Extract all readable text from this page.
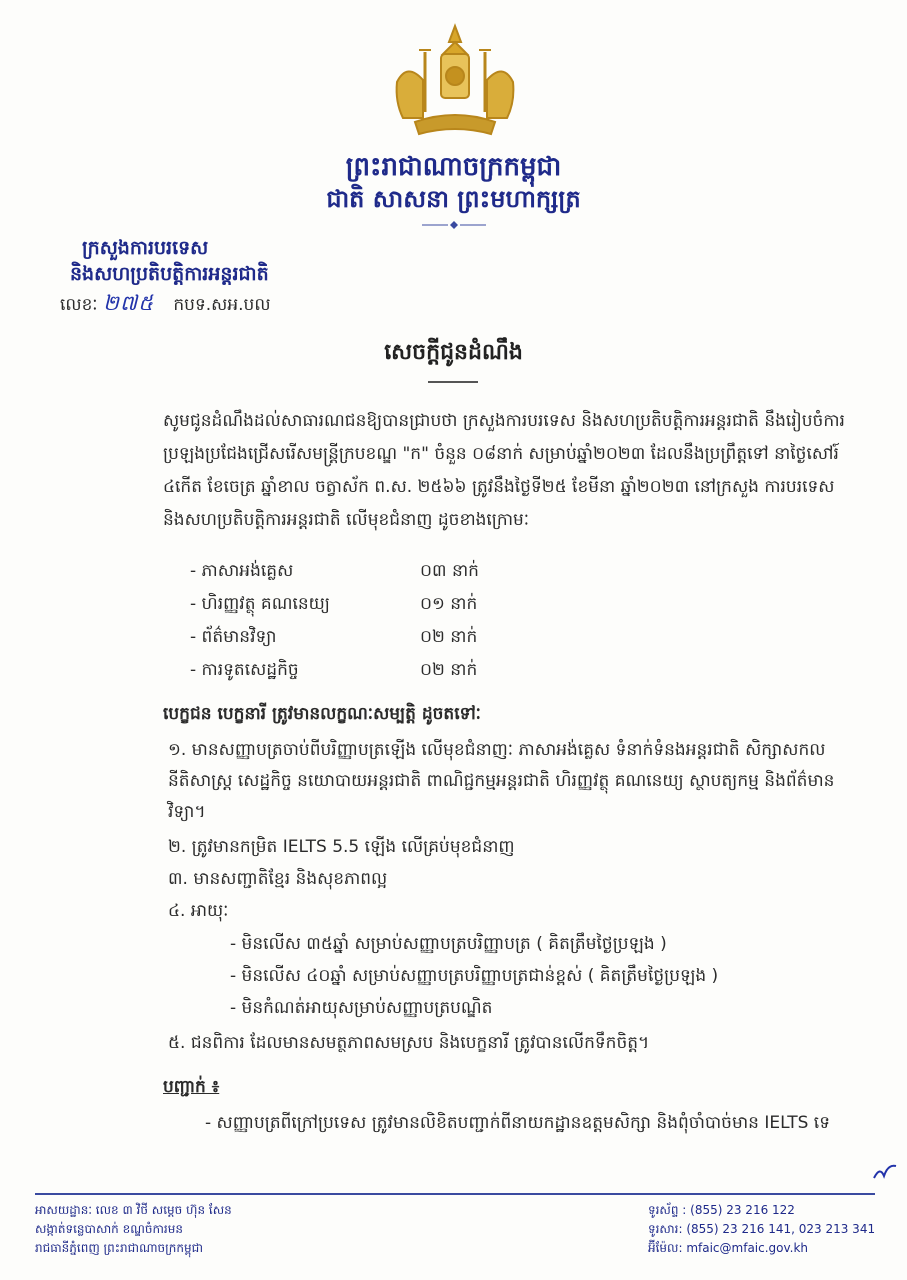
ព្រះរាជាណាចក្រកម្ពុជា
ជាតិ សាសនា ព្រះមហាក្សត្រ
ក្រសួងការបរទេស
និងសហប្រតិបត្តិការអន្តរជាតិ
លេខៈ ២៧៥ កបទ.សអ.បល
សេចក្តីជូនដំណឹង
សូមជូនដំណឹងដល់សាធារណជនឱ្យបានជ្រាបថា ក្រសួងការបរទេស និងសហប្រតិបត្តិការអន្តរជាតិ នឹងរៀបចំការប្រឡងប្រជែងជ្រើសរើសមន្ត្រីក្របខណ្ឌ "ក" ចំនួន ០៨នាក់ សម្រាប់ឆ្នាំ២០២៣ ដែលនឹងប្រព្រឹត្តទៅ នាថ្ងៃសៅរ៍ ៤កើត ខែចេត្រ ឆ្នាំខាល ចត្វាស័ក ព.ស. ២៥៦៦ ត្រូវនឹងថ្ងៃទី២៥ ខែមីនា ឆ្នាំ២០២៣ នៅក្រសួង ការបរទេស និងសហប្រតិបត្តិការអន្តរជាតិ លើមុខជំនាញ ដូចខាងក្រោមៈ
- ភាសាអង់គ្លេស	០៣ នាក់
- ហិរញ្ញវត្ថុ គណនេយ្យ	០១ នាក់
- ព័ត៌មានវិទ្យា	០២ នាក់
- ការទូតសេដ្ឋកិច្ច	០២ នាក់
បេក្ខជន បេក្ខនារី ត្រូវមានលក្ខណៈសម្បត្តិ ដូចតទៅៈ
១. មានសញ្ញាបត្រចាប់ពីបរិញ្ញាបត្រឡើង លើមុខជំនាញៈ ភាសាអង់គ្លេស ទំនាក់ទំនងអន្តរជាតិ សិក្សាសកល នីតិសាស្ត្រ សេដ្ឋកិច្ច នយោបាយអន្តរជាតិ ពាណិជ្ជកម្មអន្តរជាតិ ហិរញ្ញវត្ថុ គណនេយ្យ ស្ថាបត្យកម្ម និងព័ត៌មានវិទ្យា។
២. ត្រូវមានកម្រិត IELTS 5.5 ឡើង លើគ្រប់មុខជំនាញ
៣. មានសញ្ជាតិខ្មែរ និងសុខភាពល្អ
៤. អាយុៈ
- មិនលើស ៣៥ឆ្នាំ សម្រាប់សញ្ញាបត្របរិញ្ញាបត្រ ( គិតត្រឹមថ្ងៃប្រឡង )
- មិនលើស ៤០ឆ្នាំ សម្រាប់សញ្ញាបត្របរិញ្ញាបត្រជាន់ខ្ពស់ ( គិតត្រឹមថ្ងៃប្រឡង )
- មិនកំណត់អាយុសម្រាប់សញ្ញាបត្របណ្ឌិត
៥. ជនពិការ ដែលមានសមត្ថភាពសមស្រប និងបេក្ខនារី ត្រូវបានលើកទឹកចិត្ត។
បញ្ជាក់ ៖
- សញ្ញាបត្រពីក្រៅប្រទេស ត្រូវមានលិខិតបញ្ជាក់ពីនាយកដ្ឋានឧត្តមសិក្សា និងពុំចាំបាច់មាន IELTS ទេ
អាសយដ្ឋានៈ លេខ ៣ វិថី សម្តេច ហ៊ុន សែន
សង្កាត់ទន្លេបាសាក់ ខណ្ឌចំការមន
រាជធានីភ្នំពេញ ព្រះរាជាណាចក្រកម្ពុជា
ទូរស័ព្ទ : (855) 23 216 122
ទូរសារ: (855) 23 216 141, 023 213 341
អ៊ីម៉ែល: mfaic@mfaic.gov.kh
